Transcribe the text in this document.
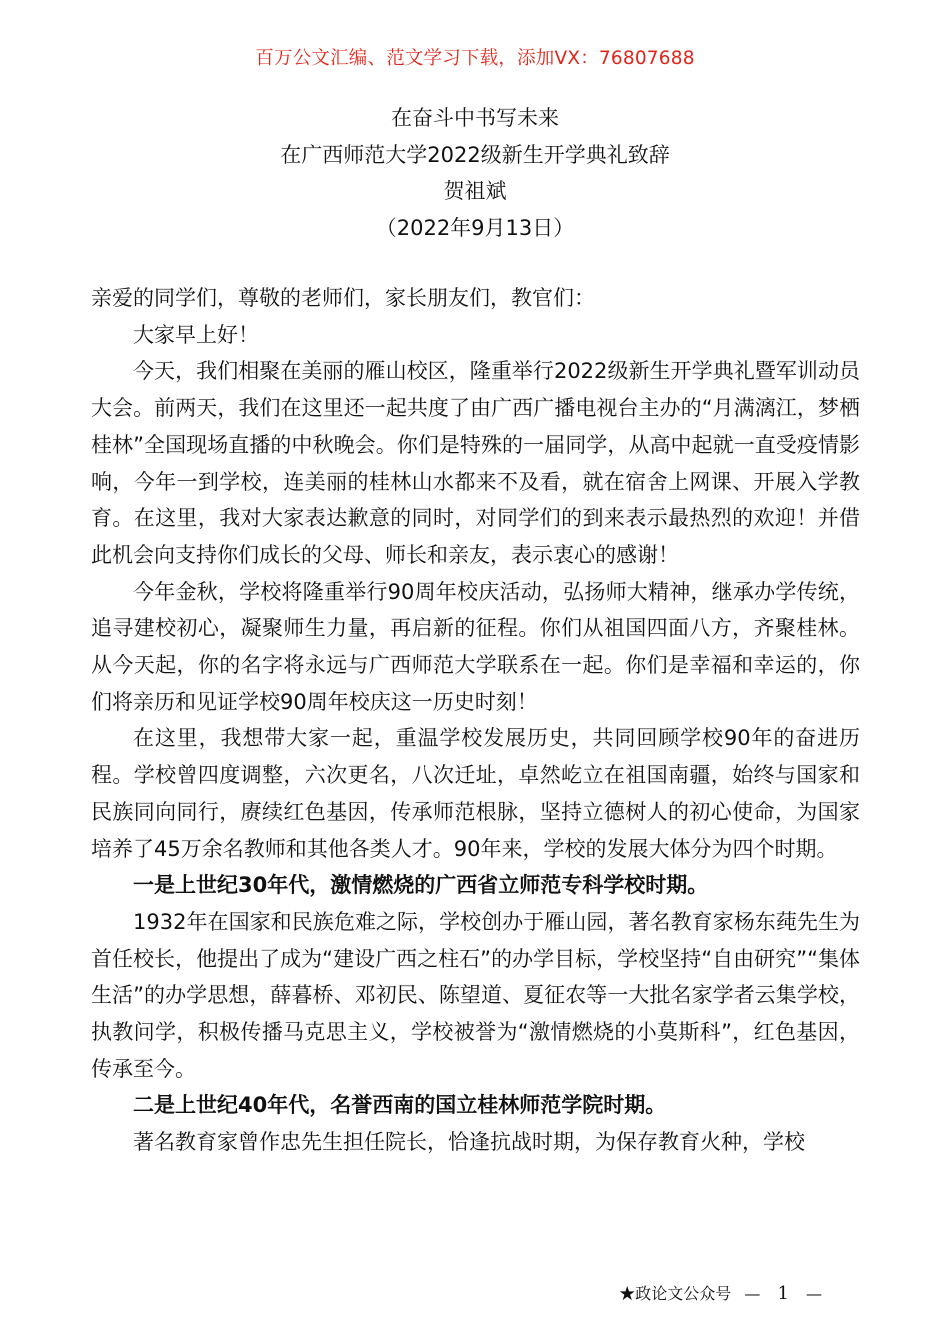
百万公文汇编、范文学习下载，添加VX：76807688
在奋斗中书写未来
在广西师范大学2022级新生开学典礼致辞
贺祖斌
（2022年9月13日）

亲爱的同学们，尊敬的老师们，家长朋友们，教官们：

大家早上好！

今天，我们相聚在美丽的雁山校区，隆重举行2022级新生开学典礼暨军训动员大会。前两天，我们在这里还一起共度了由广西广播电视台主办的“月满漓江，梦栖桂林”全国现场直播的中秋晚会。你们是特殊的一届同学，从高中起就一直受疫情影响，今年一到学校，连美丽的桂林山水都来不及看，就在宿舍上网课、开展入学教育。在这里，我对大家表达歉意的同时，对同学们的到来表示最热烈的欢迎！并借此机会向支持你们成长的父母、师长和亲友，表示衷心的感谢！

今年金秋，学校将隆重举行90周年校庆活动，弘扬师大精神，继承办学传统，追寻建校初心，凝聚师生力量，再启新的征程。你们从祖国四面八方，齐聚桂林。从今天起，你的名字将永远与广西师范大学联系在一起。你们是幸福和幸运的，你们将亲历和见证学校90周年校庆这一历史时刻！

在这里，我想带大家一起，重温学校发展历史，共同回顾学校90年的奋进历程。学校曾四度调整，六次更名，八次迁址，卓然屹立在祖国南疆，始终与国家和民族同向同行，赓续红色基因，传承师范根脉，坚持立德树人的初心使命，为国家培养了45万余名教师和其他各类人才。90年来，学校的发展大体分为四个时期。

一是上世纪30年代，激情燃烧的广西省立师范专科学校时期。

1932年在国家和民族危难之际，学校创办于雁山园，著名教育家杨东莼先生为首任校长，他提出了成为“建设广西之柱石”的办学目标，学校坚持“自由研究”“集体生活”的办学思想，薛暮桥、邓初民、陈望道、夏征农等一大批名家学者云集学校，执教问学，积极传播马克思主义，学校被誉为“激情燃烧的小莫斯科”，红色基因，传承至今。

二是上世纪40年代，名誉西南的国立桂林师范学院时期。

著名教育家曾作忠先生担任院长，恰逢抗战时期，为保存教育火种，学校

★政论文公众号 — 1 —
